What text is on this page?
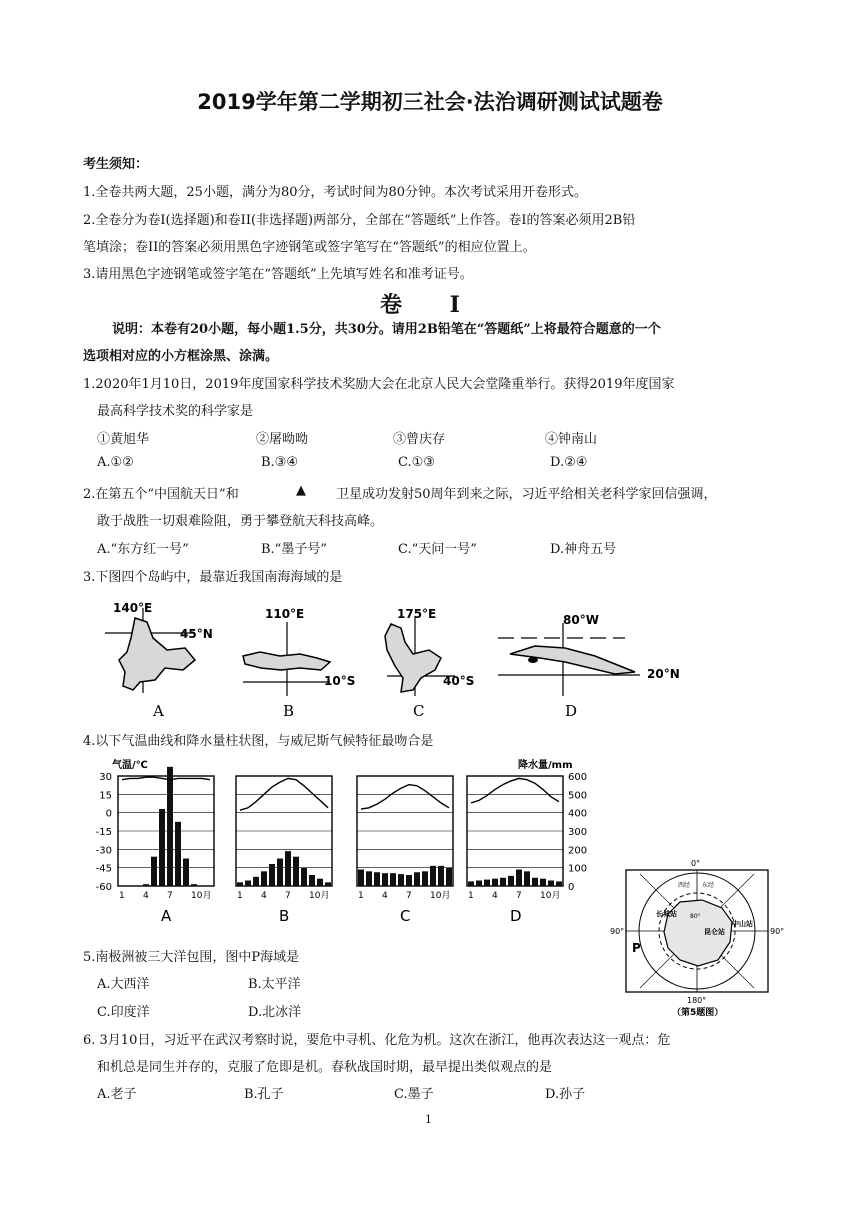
2019学年第二学期初三社会·法治调研测试试题卷
考生须知：
1.全卷共两大题，25小题，满分为80分，考试时间为80分钟。本次考试采用开卷形式。
2.全卷分为卷I(选择题)和卷II(非选择题)两部分，全部在“答题纸”上作答。卷I的答案必须用2B铅
笔填涂；卷II的答案必须用黑色字迹钢笔或签字笔写在“答题纸”的相应位置上。
3.请用黑色字迹钢笔或签字笔在“答题纸”上先填写姓名和准考证号。
卷 I
说明：本卷有20小题，每小题1.5分，共30分。请用2B铅笔在“答题纸”上将最符合题意的一个
选项相对应的小方框涂黑、涂满。
1.2020年1月10日，2019年度国家科学技术奖励大会在北京人民大会堂隆重举行。获得2019年度国家
最高科学技术奖的科学家是
①黄旭华	②屠呦呦	③曾庆存	④钟南山
A.①②	B.③④	C.①③	D.②④
2.在第五个“中国航天日”和	▲ 卫星成功发射50周年到来之际，习近平给相关老科学家回信强调，
敢于战胜一切艰难险阻，勇于攀登航天科技高峰。
A.“东方红一号”	B.“墨子号”	C.“天问一号”	D.神舟五号
3.下图四个岛屿中，最靠近我国南海海域的是
140°E
45°N
A
110°E
10°S
B
175°E
40°S
C
80°W
20°N
D
4.以下气温曲线和降水量柱状图，与威尼斯气候特征最吻合是
气温/℃	降水量/mm
30
15
0
-15
-30
-45
-60
600
500
400
300
200
100
0
1 4 7 10月
A
1 4 7 10月
B
1 4 7 10月
C
1 4 7 10月
D
0°
90°	90°
180°
P
长城站
中山站
昆仑站
西经 东经
80°
（第5题图）
5.南极洲被三大洋包围，图中P海域是
A.大西洋	B.太平洋
C.印度洋	D.北冰洋
6. 3月10日，习近平在武汉考察时说，要危中寻机、化危为机。这次在浙江，他再次表达这一观点：危
和机总是同生并存的，克服了危即是机。春秋战国时期，最早提出类似观点的是
A.老子	B.孔子	C.墨子	D.孙子
1
